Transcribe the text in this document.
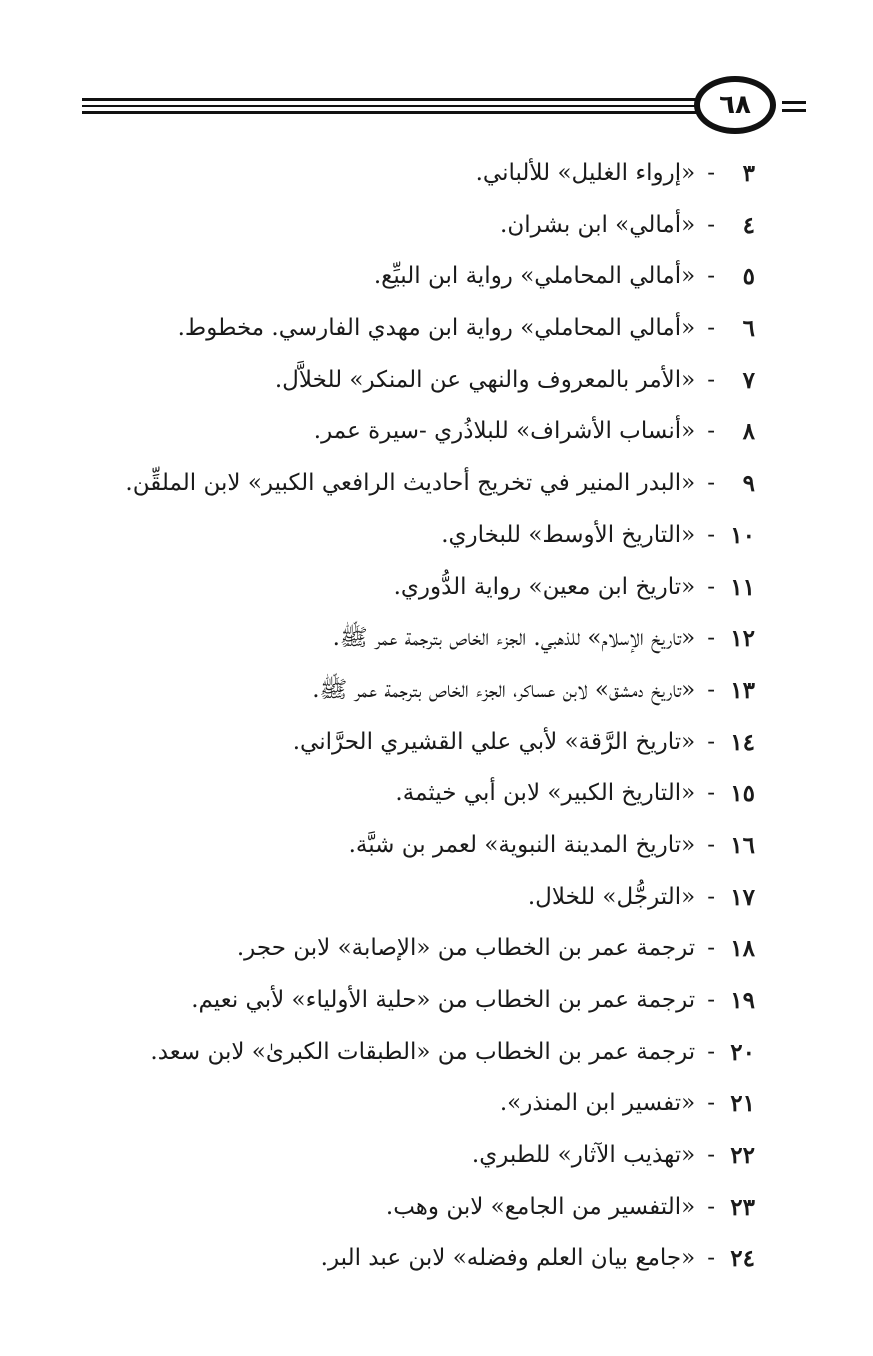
٦٨
٣
-
«إرواء الغليل» للألباني.
٤
-
«أمالي» ابن بشران.
٥
-
«أمالي المحاملي» رواية ابن البيِّع.
٦
-
«أمالي المحاملي» رواية ابن مهدي الفارسي. مخطوط.
٧
-
«الأمر بالمعروف والنهي عن المنكر» للخلاَّل.
٨
-
«أنساب الأشراف» للبلاذُري -سيرة عمر.
٩
-
«البدر المنير في تخريج أحاديث الرافعي الكبير» لابن الملقِّن.
١٠
-
«التاريخ الأوسط» للبخاري.
١١
-
«تاريخ ابن معين» رواية الدُّوري.
١٢
-
«تاريخ الإسلام» للذهبي. الجزء الخاص بترجمة عمر ﷺ.
١٣
-
«تاريخ دمشق» لابن عساكر، الجزء الخاص بترجمة عمر ﷺ.
١٤
-
«تاريخ الرَّقة» لأبي علي القشيري الحرَّاني.
١٥
-
«التاريخ الكبير» لابن أبي خيثمة.
١٦
-
«تاريخ المدينة النبوية» لعمر بن شبَّة.
١٧
-
«الترجُّل» للخلال.
١٨
-
ترجمة عمر بن الخطاب من «الإصابة» لابن حجر.
١٩
-
ترجمة عمر بن الخطاب من «حلية الأولياء» لأبي نعيم.
٢٠
-
ترجمة عمر بن الخطاب من «الطبقات الكبرىٰ» لابن سعد.
٢١
-
«تفسير ابن المنذر».
٢٢
-
«تهذيب الآثار» للطبري.
٢٣
-
«التفسير من الجامع» لابن وهب.
٢٤
-
«جامع بيان العلم وفضله» لابن عبد البر.
